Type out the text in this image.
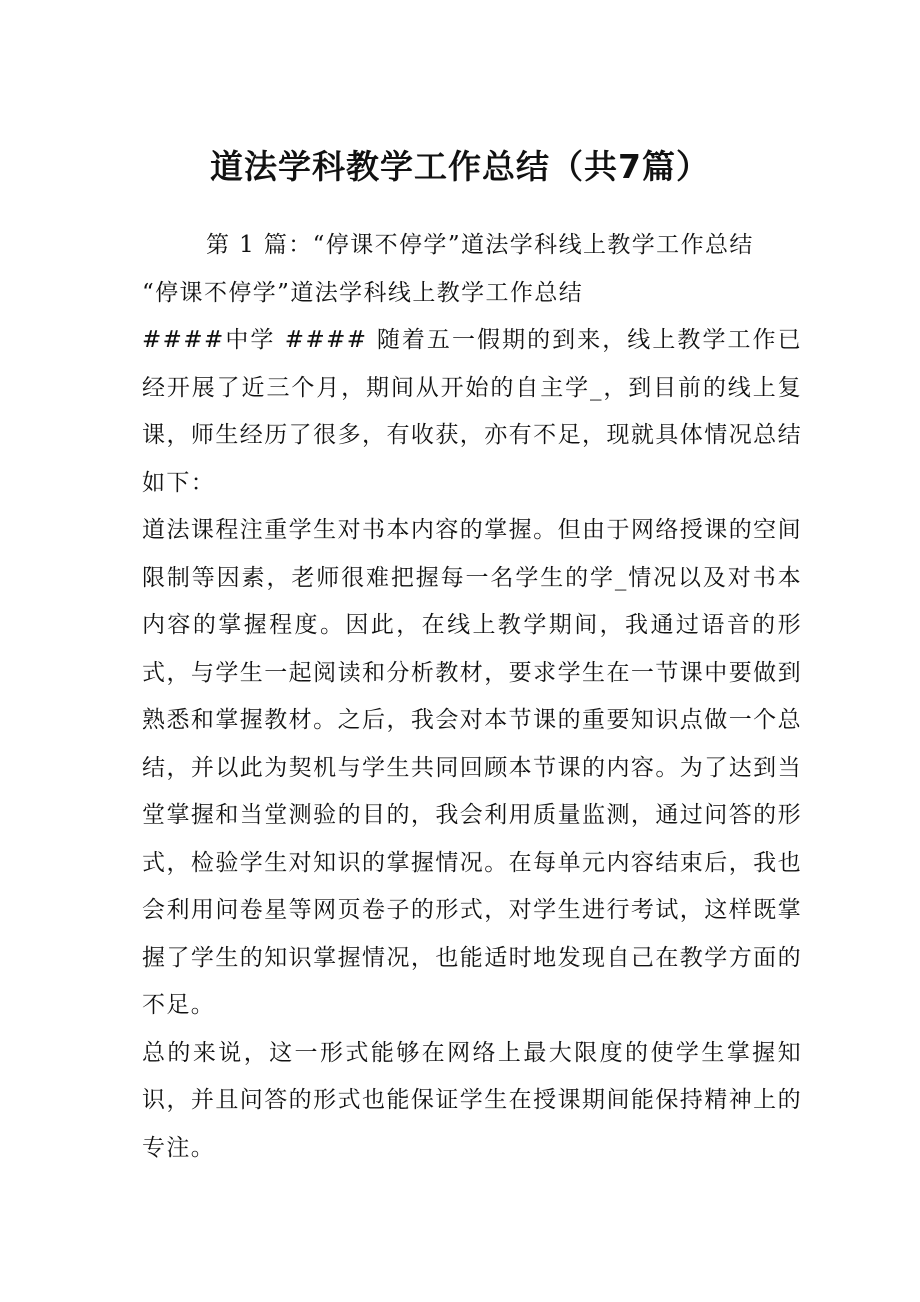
道法学科教学工作总结（共7篇）

第 1 篇：“停课不停学”道法学科线上教学工作总结

“停课不停学”道法学科线上教学工作总结

####中学 #### 随着五一假期的到来，线上教学工作已经开展了近三个月，期间从开始的自主学_，到目前的线上复课，师生经历了很多，有收获，亦有不足，现就具体情况总结如下：

道法课程注重学生对书本内容的掌握。但由于网络授课的空间限制等因素，老师很难把握每一名学生的学_情况以及对书本内容的掌握程度。因此，在线上教学期间，我通过语音的形式，与学生一起阅读和分析教材，要求学生在一节课中要做到熟悉和掌握教材。之后，我会对本节课的重要知识点做一个总结，并以此为契机与学生共同回顾本节课的内容。为了达到当堂掌握和当堂测验的目的，我会利用质量监测，通过问答的形式，检验学生对知识的掌握情况。在每单元内容结束后，我也会利用问卷星等网页卷子的形式，对学生进行考试，这样既掌握了学生的知识掌握情况，也能适时地发现自己在教学方面的不足。

总的来说，这一形式能够在网络上最大限度的使学生掌握知识，并且问答的形式也能保证学生在授课期间能保持精神上的专注。
